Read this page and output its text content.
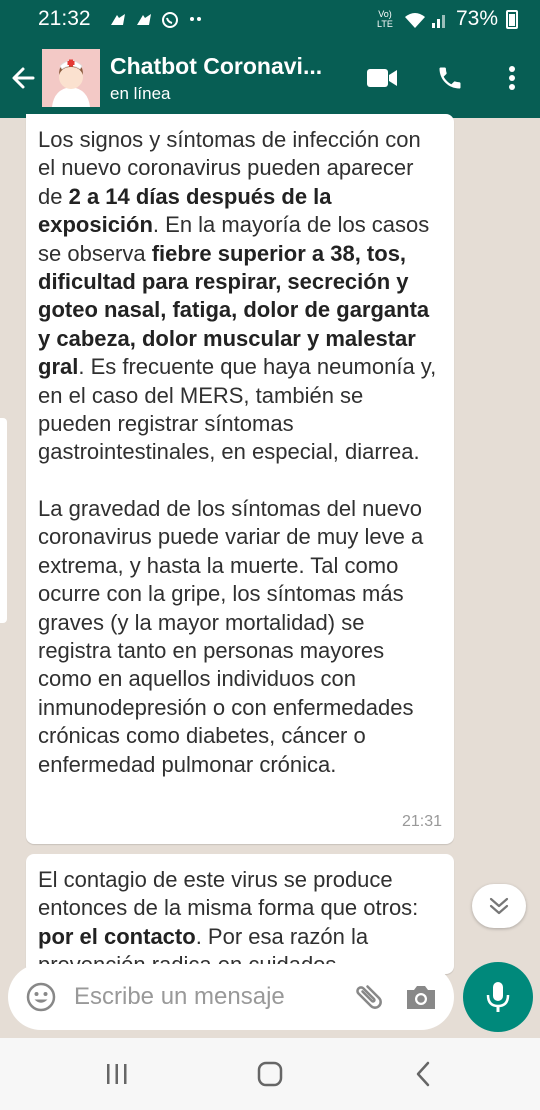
21:32	Vo) LTE	73%
Chatbot Coronavi...
en línea
Los signos y síntomas de infección con el nuevo coronavirus pueden aparecer de 2 a 14 días después de la exposición. En la mayoría de los casos se observa fiebre superior a 38, tos, dificultad para respirar, secreción y goteo nasal, fatiga, dolor de garganta y cabeza, dolor muscular y malestar gral. Es frecuente que haya neumonía y, en el caso del MERS, también se pueden registrar síntomas gastrointestinales, en especial, diarrea.
La gravedad de los síntomas del nuevo coronavirus puede variar de muy leve a extrema, y hasta la muerte. Tal como ocurre con la gripe, los síntomas más graves (y la mayor mortalidad) se registra tanto en personas mayores como en aquellos individuos con inmunodepresión o con enfermedades crónicas como diabetes, cáncer o enfermedad pulmonar crónica.
21:31
El contagio de este virus se produce entonces de la misma forma que otros: por el contacto. Por esa razón la
Escribe un mensaje
